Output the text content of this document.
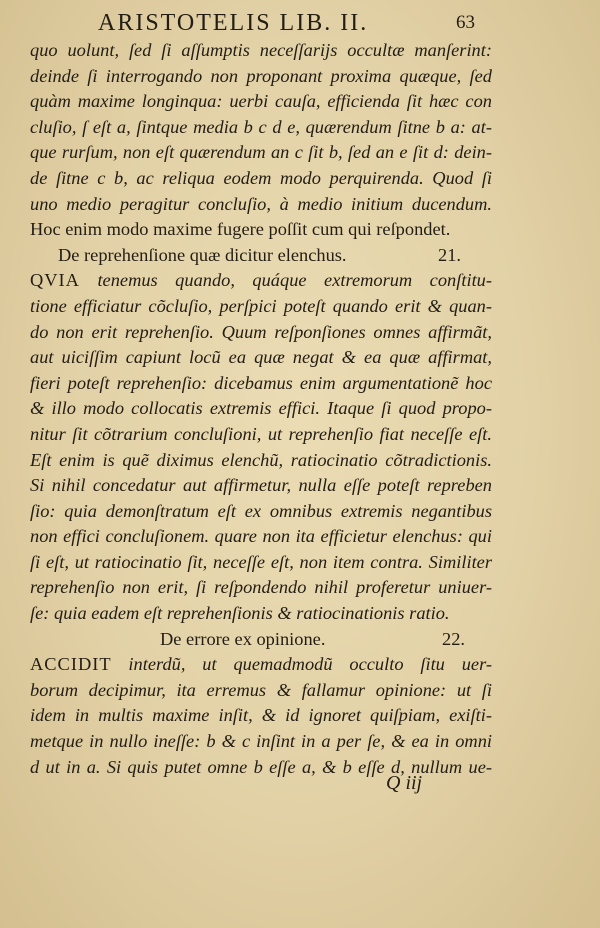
ARISTOTELIS LIB. II.	63
quo uolunt, ſed ſi aſſumptis neceſſarijs occultæ manſerint:
deinde ſi interrogando non proponant proxima quæque, ſed
quàm maxime longinqua: uerbi cauſa, efficienda ſit hæc con
cluſio, ſ eſt a, ſintque media b c d e, quærendum ſitne b a: at-
que rurſum, non eſt quærendum an c ſit b, ſed an e ſit d: dein-
de ſitne c b, ac reliqua eodem modo perquirenda. Quod ſi
uno medio peragitur concluſio, à medio initium ducendum.
Hoc enim modo maxime fugere poſſit cum qui reſpondet.
De reprehenſione quæ dicitur elenchus.	21.
QVIA tenemus quando, quáque extremorum conſtitu-
tione efficiatur cõcluſio, perſpici poteſt quando erit & quan-
do non erit reprehenſio. Quum reſponſiones omnes affirmãt,
aut uiciſſim capiunt locũ ea quæ negat & ea quæ affirmat,
fieri poteſt reprehenſio: dicebamus enim argumentationẽ hoc
& illo modo collocatis extremis effici. Itaque ſi quod propo-
nitur ſit cõtrarium concluſioni, ut reprehenſio fiat neceſſe eſt.
Eſt enim is quẽ diximus elenchũ, ratiocinatio cõtradictionis.
Si nihil concedatur aut affirmetur, nulla eſſe poteſt repreben
ſio: quia demonſtratum eſt ex omnibus extremis negantibus
non effici concluſionem. quare non ita efficietur elenchus: qui
ſi eſt, ut ratiocinatio ſit, neceſſe eſt, non item contra. Similiter
reprehenſio non erit, ſi reſpondendo nihil proferetur uniuer-
ſe: quia eadem eſt reprehenſionis & ratiocinationis ratio.
De errore ex opinione.	22.
ACCIDIT interdũ, ut quemadmodũ occulto ſitu uer-
borum decipimur, ita erremus & fallamur opinione: ut ſi
idem in multis maxime inſit, & id ignoret quiſpiam, exiſti-
metque in nullo ineſſe: b & c inſint in a per ſe, & ea in omni
d ut in a. Si quis putet omne b eſſe a, & b eſſe d, nullum ue-
Q iij
